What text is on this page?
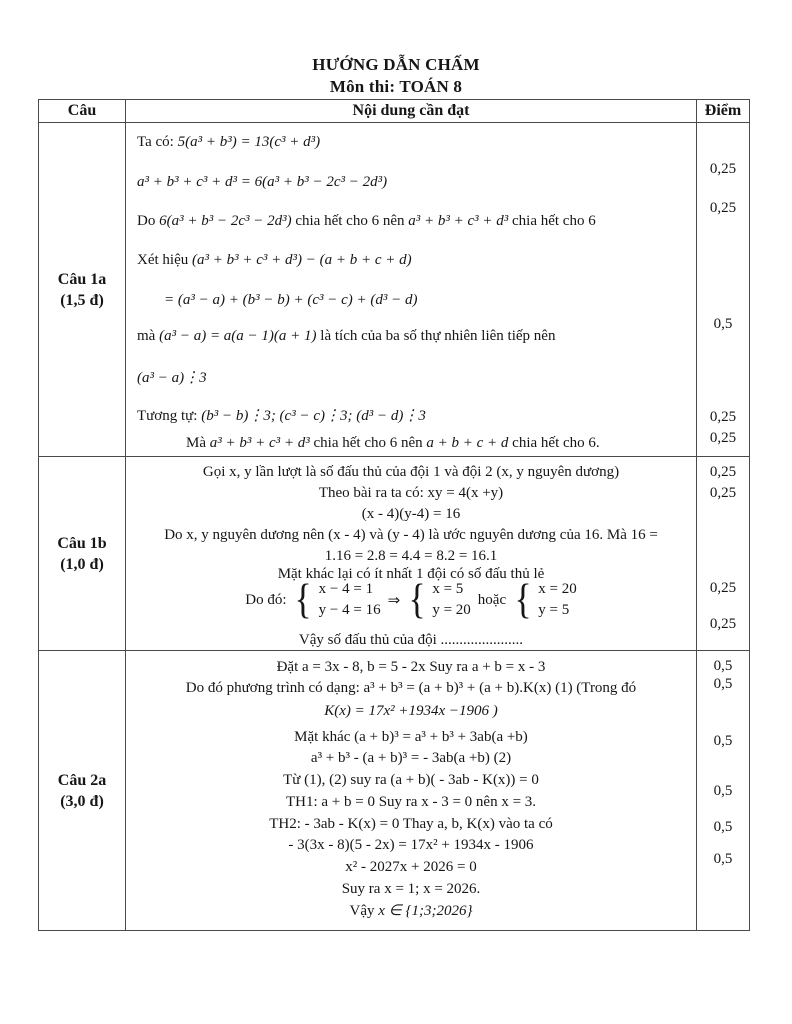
HƯỚNG DẪN CHẤM
Môn thi: TOÁN 8
Câu	Nội dung cần đạt	Điểm
Câu 1a
(1,5 đ)
Ta có: 5(a³ + b³) = 13(c³ + d³)
a³ + b³ + c³ + d³ = 6(a³ + b³ − 2c³ − 2d³)
Do 6(a³ + b³ − 2c³ − 2d³) chia hết cho 6 nên a³ + b³ + c³ + d³ chia hết cho 6
Xét hiệu (a³ + b³ + c³ + d³) − (a + b + c + d)
= (a³ − a) + (b³ − b) + (c³ − c) + (d³ − d)
mà (a³ − a) = a(a − 1)(a + 1) là tích của ba số thự nhiên liên tiếp nên
(a³ − a)⋮3
Tương tự: (b³ − b)⋮3; (c³ − c)⋮3; (d³ − d)⋮3
Mà a³ + b³ + c³ + d³ chia hết cho 6 nên a + b + c + d chia hết cho 6.
0,25
0,25
0,5
0,25
0,25
Câu 1b
(1,0 đ)
Gọi x, y lần lượt là số đấu thủ của đội 1 và đội 2 (x, y nguyên dương)
Theo bài ra ta có: xy = 4(x +y)
(x - 4)(y-4) = 16
Do x, y nguyên dương nên (x - 4) và (y - 4) là ước nguyên dương của 16. Mà 16 =
1.16 = 2.8 = 4.4 = 8.2 = 16.1
Mặt khác lại có ít nhất 1 đội có số đấu thủ lẻ
Do đó: { x − 4 = 1
y − 4 = 16
⇒ { x = 5
y = 20
hoặc { x = 20
y = 5
Vậy số đấu thủ của đội ......................
0,25
0,25
0,25
0,25
Câu 2a
(3,0 đ)
Đặt a = 3x - 8, b = 5 - 2x Suy ra a + b = x - 3
Do đó phương trình có dạng: a³ + b³ = (a + b)³ + (a + b).K(x) (1) (Trong đó
K(x) = 17x² +1934x −1906 )
Mặt khác (a + b)³ = a³ + b³ + 3ab(a +b)
a³ + b³ - (a + b)³ = - 3ab(a +b) (2)
Từ (1), (2) suy ra (a + b)( - 3ab - K(x)) = 0
TH1: a + b = 0 Suy ra x - 3 = 0 nên x = 3.
TH2: - 3ab - K(x) = 0 Thay a, b, K(x) vào ta có
- 3(3x - 8)(5 - 2x) = 17x² + 1934x - 1906
x² - 2027x + 2026 = 0
Suy ra x = 1; x = 2026.
Vậy x ∈ {1;3;2026}
0,5
0,5
0,5
0,5
0,5
0,5
